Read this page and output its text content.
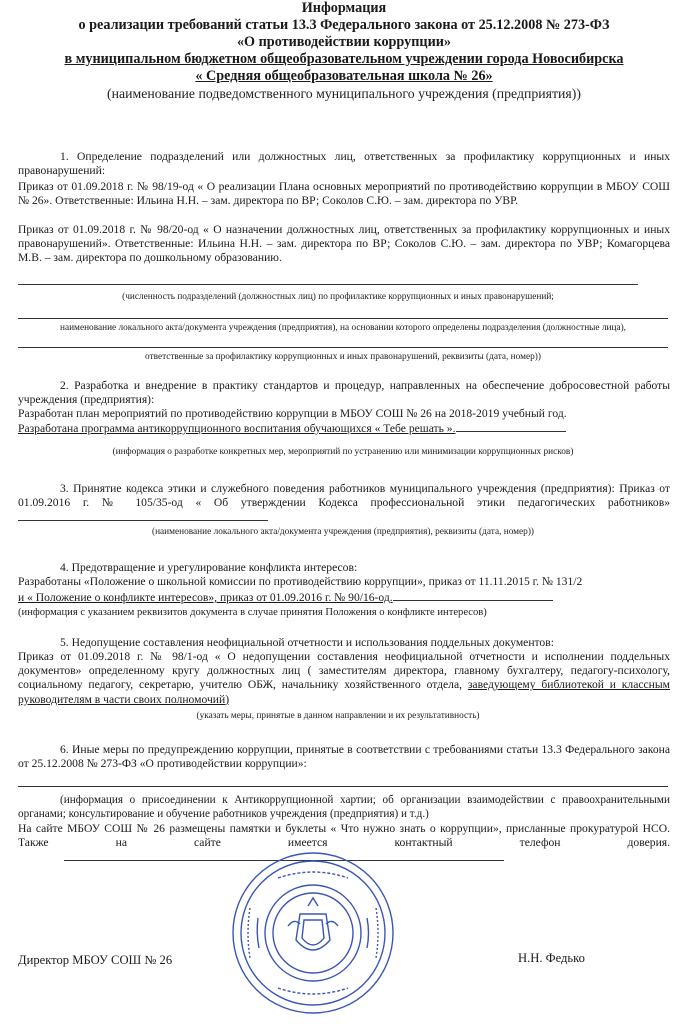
Информация
о реализации требований статьи 13.3 Федерального закона от 25.12.2008 № 273-ФЗ
«О противодействии коррупции»
в муниципальном бюджетном общеобразовательном учреждении города Новосибирска
« Средняя общеобразовательная школа № 26»
(наименование подведомственного муниципального учреждения (предприятия))
1. Определение подразделений или должностных лиц, ответственных за профилактику коррупционных и иных правонарушений:
Приказ от 01.09.2018 г. № 98/19-од « О реализации Плана основных мероприятий по противодействию коррупции в МБОУ СОШ № 26». Ответственные: Ильина Н.Н. – зам. директора по ВР; Соколов С.Ю. – зам. директора по УВР.
Приказ от 01.09.2018 г. № 98/20-од « О назначении должностных лиц, ответственных за профилактику коррупционных и иных правонарушений». Ответственные: Ильина Н.Н. – зам. директора по ВР; Соколов С.Ю. – зам. директора по УВР; Комагорцева М.В. – зам. директора по дошкольному образованию.
(численность подразделений (должностных лиц) по профилактике коррупционных и иных правонарушений;
наименование локального акта/документа учреждения (предприятия), на основании которого определены подразделения (должностные лица),
ответственные за профилактику коррупционных и иных правонарушений, реквизиты (дата, номер))
2. Разработка и внедрение в практику стандартов и процедур, направленных на обеспечение добросовестной работы учреждения (предприятия):
Разработан план мероприятий по противодействию коррупции в МБОУ СОШ № 26 на 2018-2019 учебный год.
Разработана программа антикоррупционного воспитания обучающихся « Тебе решать ».
(информация о разработке конкретных мер, мероприятий по устранению или минимизации коррупционных рисков)
3. Принятие кодекса этики и служебного поведения работников муниципального учреждения (предприятия): Приказ от 01.09.2016 г. № 105/35-од « Об утверждении Кодекса профессиональной этики педагогических работников»
(наименование локального акта/документа учреждения (предприятия), реквизиты (дата, номер))
4. Предотвращение и урегулирование конфликта интересов:
Разработаны «Положение о школьной комиссии по противодействию коррупции», приказ от 11.11.2015 г. № 131/2
и « Положение о конфликте интересов», приказ от 01.09.2016 г. № 90/16-од.
(информация с указанием реквизитов документа в случае принятия Положения о конфликте интересов)
5. Недопущение составления неофициальной отчетности и использования поддельных документов:
Приказ от 01.09.2018 г. № 98/1-од « О недопущении составления неофициальной отчетности и исполнении поддельных документов» определенному кругу должностных лиц ( заместителям директора, главному бухгалтеру, педагогу-психологу, социальному педагогу, секретарю, учителю ОБЖ, начальнику хозяйственного отдела, заведующему библиотекой и классным руководителям в части своих полномочий)
(указать меры, принятые в данном направлении и их результативность)
6. Иные меры по предупреждению коррупции, принятые в соответствии с требованиями статьи 13.3 Федерального закона от 25.12.2008 № 273-ФЗ «О противодействии коррупции»:
(информация о присоединении к Антикоррупционной хартии; об организации взаимодействии с правоохранительными органами; консультирование и обучение работников учреждения (предприятия) и т.д.)
На сайте МБОУ СОШ № 26 размещены памятки и буклеты « Что нужно знать о коррупции», присланные прокуратурой НСО. Также на сайте имеется контактный телефон доверия.
Директор МБОУ СОШ № 26	Н.Н. Федько
